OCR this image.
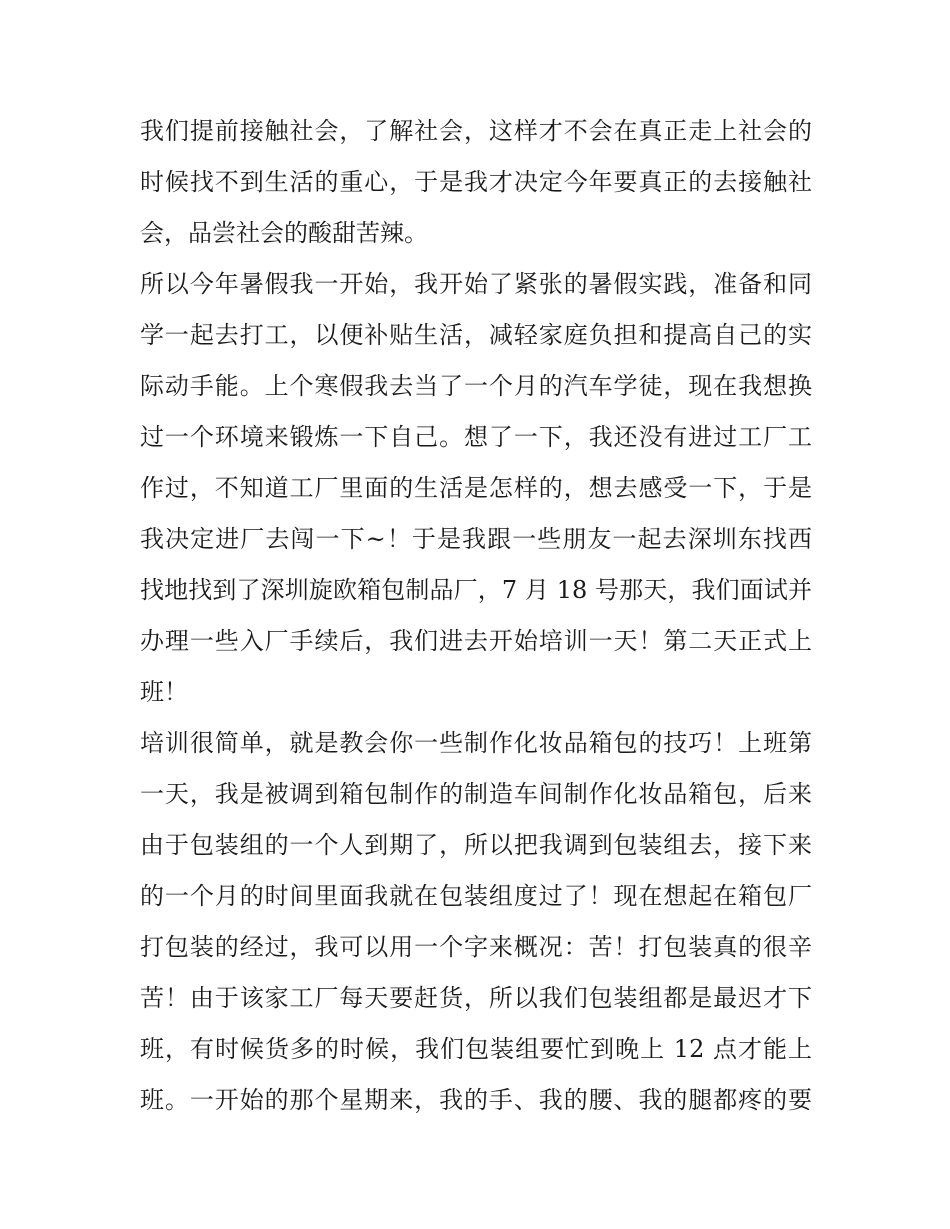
我们提前接触社会，了解社会，这样才不会在真正走上社会的
时候找不到生活的重心，于是我才决定今年要真正的去接触社
会，品尝社会的酸甜苦辣。
所以今年暑假我一开始，我开始了紧张的暑假实践，准备和同
学一起去打工，以便补贴生活，减轻家庭负担和提高自己的实
际动手能。上个寒假我去当了一个月的汽车学徒，现在我想换
过一个环境来锻炼一下自己。想了一下，我还没有进过工厂工
作过，不知道工厂里面的生活是怎样的，想去感受一下，于是
我决定进厂去闯一下~！于是我跟一些朋友一起去深圳东找西
找地找到了深圳旋欧箱包制品厂，7 月 18 号那天，我们面试并
办理一些入厂手续后，我们进去开始培训一天！第二天正式上
班！
培训很简单，就是教会你一些制作化妆品箱包的技巧！上班第
一天，我是被调到箱包制作的制造车间制作化妆品箱包，后来
由于包装组的一个人到期了，所以把我调到包装组去，接下来
的一个月的时间里面我就在包装组度过了！现在想起在箱包厂
打包装的经过，我可以用一个字来概况：苦！打包装真的很辛
苦！由于该家工厂每天要赶货，所以我们包装组都是最迟才下
班，有时候货多的时候，我们包装组要忙到晚上 12 点才能上
班。一开始的那个星期来，我的手、我的腰、我的腿都疼的要
